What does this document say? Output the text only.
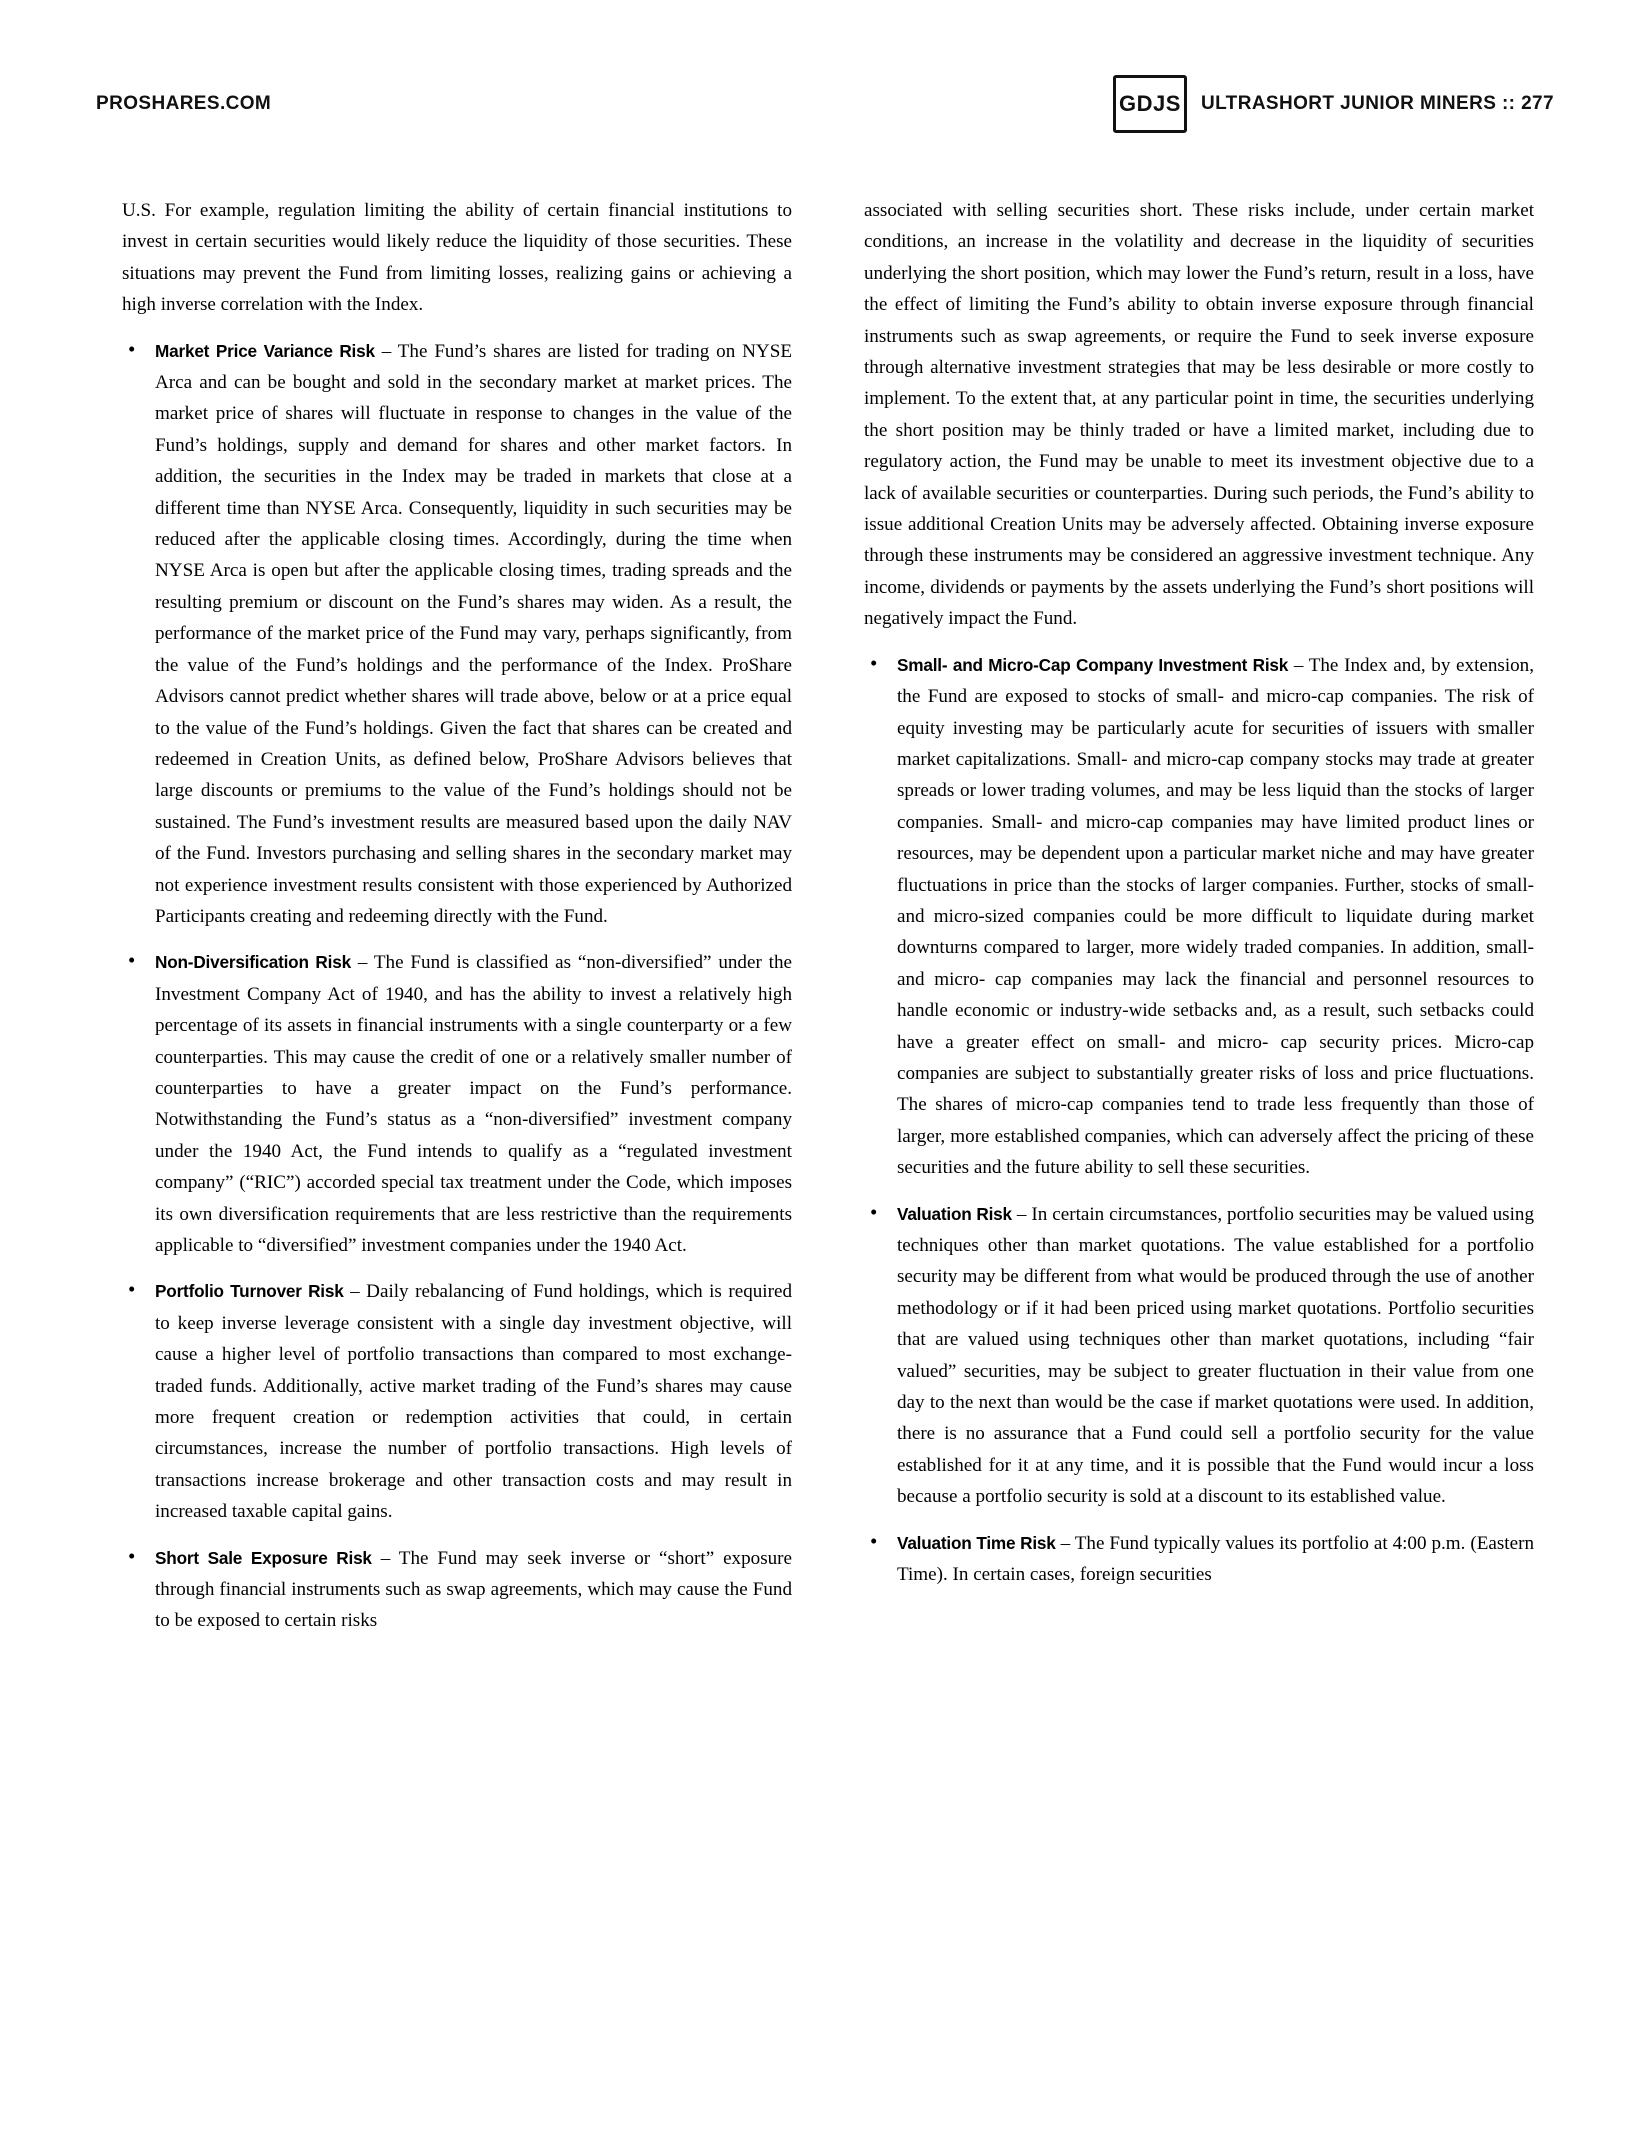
PROSHARES.COM	GDJS	ULTRASHORT JUNIOR MINERS :: 277

U.S. For example, regulation limiting the ability of certain financial institutions to invest in certain securities would likely reduce the liquidity of those securities. These situations may prevent the Fund from limiting losses, realizing gains or achieving a high inverse correlation with the Index.

• Market Price Variance Risk – The Fund’s shares are listed for trading on NYSE Arca and can be bought and sold in the secondary market at market prices. The market price of shares will fluctuate in response to changes in the value of the Fund’s holdings, supply and demand for shares and other market factors. In addition, the securities in the Index may be traded in markets that close at a different time than NYSE Arca. Consequently, liquidity in such securities may be reduced after the applicable closing times. Accordingly, during the time when NYSE Arca is open but after the applicable closing times, trading spreads and the resulting premium or discount on the Fund’s shares may widen. As a result, the performance of the market price of the Fund may vary, perhaps significantly, from the value of the Fund’s holdings and the performance of the Index. ProShare Advisors cannot predict whether shares will trade above, below or at a price equal to the value of the Fund’s holdings. Given the fact that shares can be created and redeemed in Creation Units, as defined below, ProShare Advisors believes that large discounts or premiums to the value of the Fund’s holdings should not be sustained. The Fund’s investment results are measured based upon the daily NAV of the Fund. Investors purchasing and selling shares in the secondary market may not experience investment results consistent with those experienced by Authorized Participants creating and redeeming directly with the Fund.
• Non-Diversification Risk – The Fund is classified as “non-diversified” under the Investment Company Act of 1940, and has the ability to invest a relatively high percentage of its assets in financial instruments with a single counterparty or a few counterparties. This may cause the credit of one or a relatively smaller number of counterparties to have a greater impact on the Fund’s performance. Notwithstanding the Fund’s status as a “non-diversified” investment company under the 1940 Act, the Fund intends to qualify as a “regulated investment company” (“RIC”) accorded special tax treatment under the Code, which imposes its own diversification requirements that are less restrictive than the requirements applicable to “diversified” investment companies under the 1940 Act.
• Portfolio Turnover Risk – Daily rebalancing of Fund holdings, which is required to keep inverse leverage consistent with a single day investment objective, will cause a higher level of portfolio transactions than compared to most exchange-traded funds. Additionally, active market trading of the Fund’s shares may cause more frequent creation or redemption activities that could, in certain circumstances, increase the number of portfolio transactions. High levels of transactions increase brokerage and other transaction costs and may result in increased taxable capital gains.
• Short Sale Exposure Risk – The Fund may seek inverse or “short” exposure through financial instruments such as swap agreements, which may cause the Fund to be exposed to certain risks

associated with selling securities short. These risks include, under certain market conditions, an increase in the volatility and decrease in the liquidity of securities underlying the short position, which may lower the Fund’s return, result in a loss, have the effect of limiting the Fund’s ability to obtain inverse exposure through financial instruments such as swap agreements, or require the Fund to seek inverse exposure through alternative investment strategies that may be less desirable or more costly to implement. To the extent that, at any particular point in time, the securities underlying the short position may be thinly traded or have a limited market, including due to regulatory action, the Fund may be unable to meet its investment objective due to a lack of available securities or counterparties. During such periods, the Fund’s ability to issue additional Creation Units may be adversely affected. Obtaining inverse exposure through these instruments may be considered an aggressive investment technique. Any income, dividends or payments by the assets underlying the Fund’s short positions will negatively impact the Fund.

• Small- and Micro-Cap Company Investment Risk – The Index and, by extension, the Fund are exposed to stocks of small- and micro-cap companies. The risk of equity investing may be particularly acute for securities of issuers with smaller market capitalizations. Small- and micro-cap company stocks may trade at greater spreads or lower trading volumes, and may be less liquid than the stocks of larger companies. Small- and micro-cap companies may have limited product lines or resources, may be dependent upon a particular market niche and may have greater fluctuations in price than the stocks of larger companies. Further, stocks of small- and micro-sized companies could be more difficult to liquidate during market downturns compared to larger, more widely traded companies. In addition, small- and micro- cap companies may lack the financial and personnel resources to handle economic or industry-wide setbacks and, as a result, such setbacks could have a greater effect on small- and micro- cap security prices. Micro-cap companies are subject to substantially greater risks of loss and price fluctuations. The shares of micro-cap companies tend to trade less frequently than those of larger, more established companies, which can adversely affect the pricing of these securities and the future ability to sell these securities.
• Valuation Risk – In certain circumstances, portfolio securities may be valued using techniques other than market quotations. The value established for a portfolio security may be different from what would be produced through the use of another methodology or if it had been priced using market quotations. Portfolio securities that are valued using techniques other than market quotations, including “fair valued” securities, may be subject to greater fluctuation in their value from one day to the next than would be the case if market quotations were used. In addition, there is no assurance that a Fund could sell a portfolio security for the value established for it at any time, and it is possible that the Fund would incur a loss because a portfolio security is sold at a discount to its established value.
• Valuation Time Risk – The Fund typically values its portfolio at 4:00 p.m. (Eastern Time). In certain cases, foreign securities
